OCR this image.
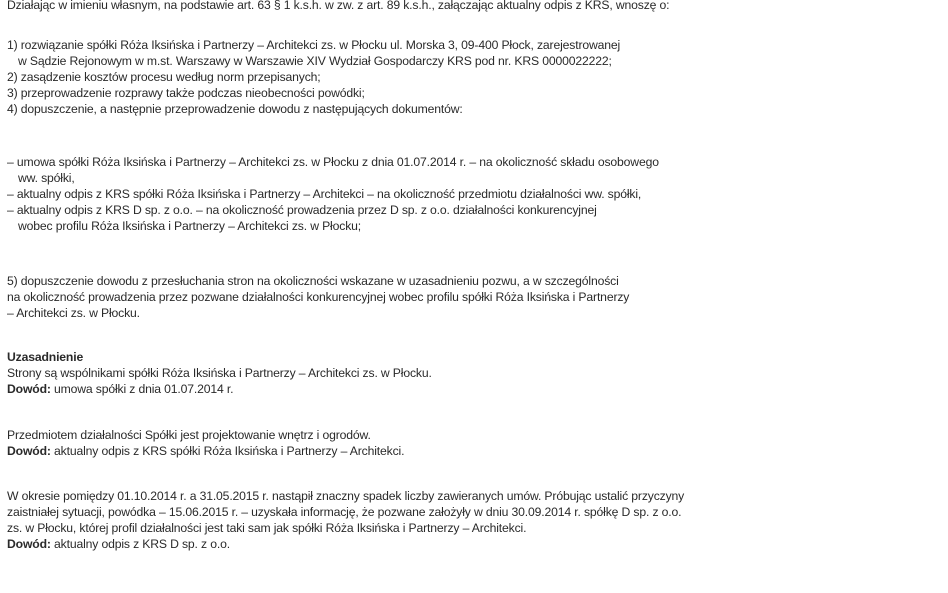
Działając w imieniu własnym, na podstawie art. 63 § 1 k.s.h. w zw. z art. 89 k.s.h., załączając aktualny odpis z KRS, wnoszę o:
1) rozwiązanie spółki Róża Iksińska i Partnerzy – Architekci zs. w Płocku ul. Morska 3, 09-400 Płock, zarejestrowanej
w Sądzie Rejonowym w m.st. Warszawy w Warszawie XIV Wydział Gospodarczy KRS pod nr. KRS 0000022222;
2) zasądzenie kosztów procesu według norm przepisanych;
3) przeprowadzenie rozprawy także podczas nieobecności powódki;
4) dopuszczenie, a następnie przeprowadzenie dowodu z następujących dokumentów:
– umowa spółki Róża Iksińska i Partnerzy – Architekci zs. w Płocku z dnia 01.07.2014 r. – na okoliczność składu osobowego
ww. spółki,
– aktualny odpis z KRS spółki Róża Iksińska i Partnerzy – Architekci – na okoliczność przedmiotu działalności ww. spółki,
– aktualny odpis z KRS D sp. z o.o. – na okoliczność prowadzenia przez D sp. z o.o. działalności konkurencyjnej
wobec profilu Róża Iksińska i Partnerzy – Architekci zs. w Płocku;
5) dopuszczenie dowodu z przesłuchania stron na okoliczności wskazane w uzasadnieniu pozwu, a w szczególności
na okoliczność prowadzenia przez pozwane działalności konkurencyjnej wobec profilu spółki Róża Iksińska i Partnerzy
– Architekci zs. w Płocku.
Uzasadnienie
Strony są wspólnikami spółki Róża Iksińska i Partnerzy – Architekci zs. w Płocku.
Dowód: umowa spółki z dnia 01.07.2014 r.
Przedmiotem działalności Spółki jest projektowanie wnętrz i ogrodów.
Dowód: aktualny odpis z KRS spółki Róża Iksińska i Partnerzy – Architekci.
W okresie pomiędzy 01.10.2014 r. a 31.05.2015 r. nastąpił znaczny spadek liczby zawieranych umów. Próbując ustalić przyczyny
zaistniałej sytuacji, powódka – 15.06.2015 r. – uzyskała informację, że pozwane założyły w dniu 30.09.2014 r. spółkę D sp. z o.o.
zs. w Płocku, której profil działalności jest taki sam jak spółki Róża Iksińska i Partnerzy – Architekci.
Dowód: aktualny odpis z KRS D sp. z o.o.
